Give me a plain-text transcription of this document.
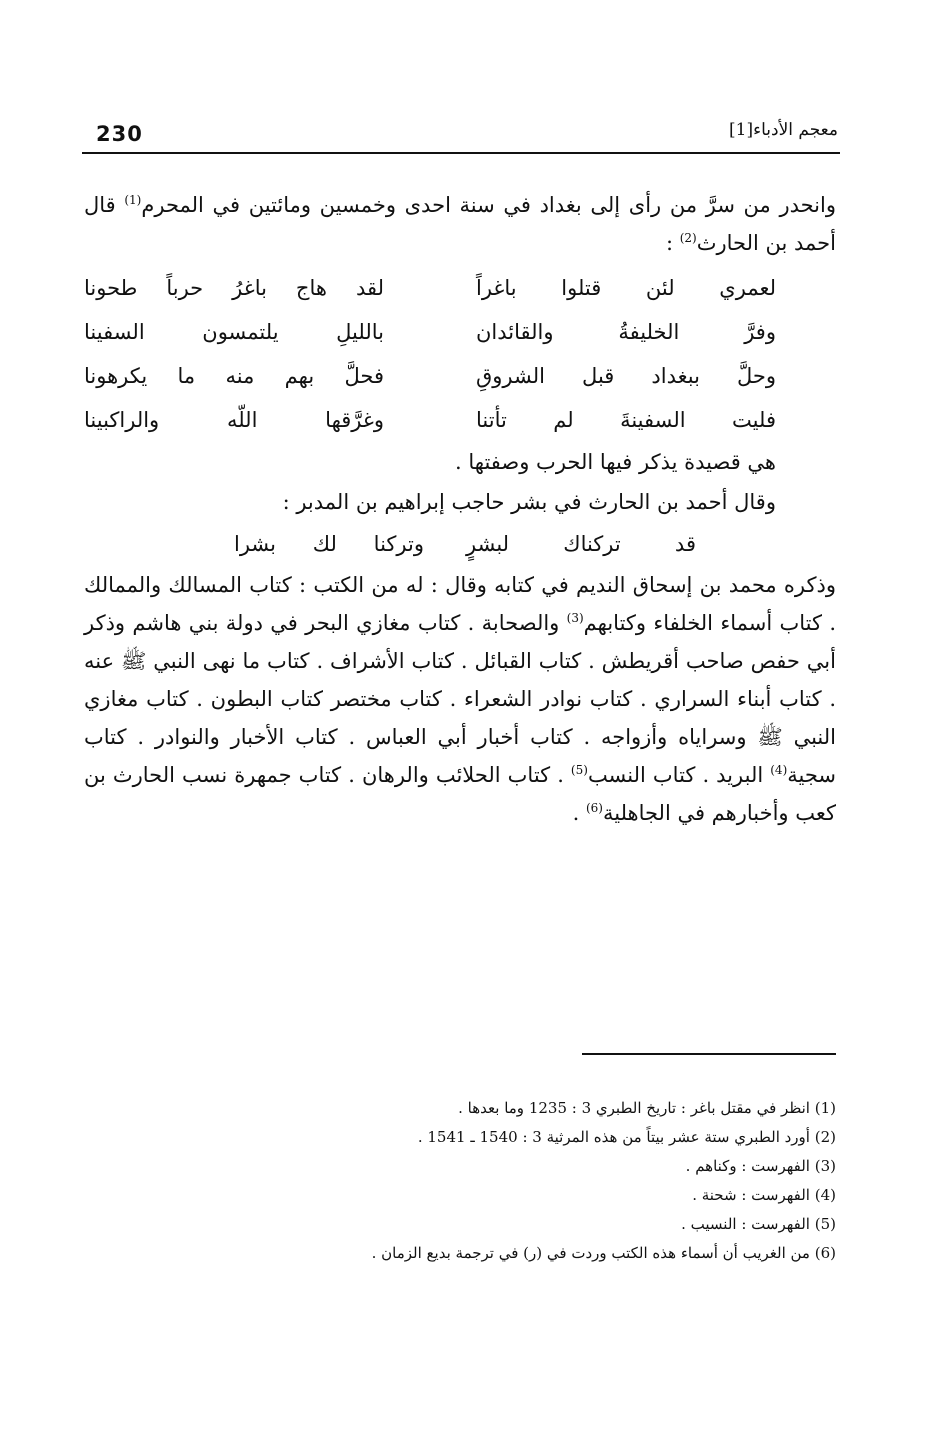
230	معجم الأدباء[1]

وانحدر من سرَّ من رأى إلى بغداد في سنة احدى وخمسين ومائتين في المحرم$^{(1)}$ قال أحمد بن الحارث$^{(2)}$ :

لعمري لئن قتلوا باغراً
لقد هاج باغرُ حرباً طحونا
وفرَّ الخليفةُ والقائدان
بالليلِ يلتمسون السفينا
وحلَّ ببغداد قبل الشروقِ
فحلَّ بهم منه ما يكرهونا
فليت السفينةَ لم تأتنا
وغرَّقها اللّه والراكبينا
هي قصيدة يذكر فيها الحرب وصفتها .
وقال أحمد بن الحارث في بشر حاجب إبراهيم بن المدبر :
قد تركناك لبشرٍ
وتركنا لك بشرا

وذكره محمد بن إسحاق النديم في كتابه وقال : له من الكتب : كتاب المسالك والممالك . كتاب أسماء الخلفاء وكتابهم$^{(3)}$ والصحابة . كتاب مغازي البحر في دولة بني هاشم وذكر أبي حفص صاحب أقريطش . كتاب القبائل . كتاب الأشراف . كتاب ما نهى النبي ﷺ عنه . كتاب أبناء السراري . كتاب نوادر الشعراء . كتاب مختصر كتاب البطون . كتاب مغازي النبي ﷺ وسراياه وأزواجه . كتاب أخبار أبي العباس . كتاب الأخبار والنوادر . كتاب سجية$^{(4)}$ البريد . كتاب النسب$^{(5)}$ . كتاب الحلائب والرهان . كتاب جمهرة نسب الحارث بن كعب وأخبارهم في الجاهلية$^{(6)}$ .

(1) انظر في مقتل باغر : تاريخ الطبري 3 : 1235 وما بعدها .
(2) أورد الطبري ستة عشر بيتاً من هذه المرثية 3 : 1540 ـ 1541 .
(3) الفهرست : وكناهم .
(4) الفهرست : شحنة .
(5) الفهرست : النسيب .
(6) من الغريب أن أسماء هذه الكتب وردت في (ر) في ترجمة بديع الزمان .
